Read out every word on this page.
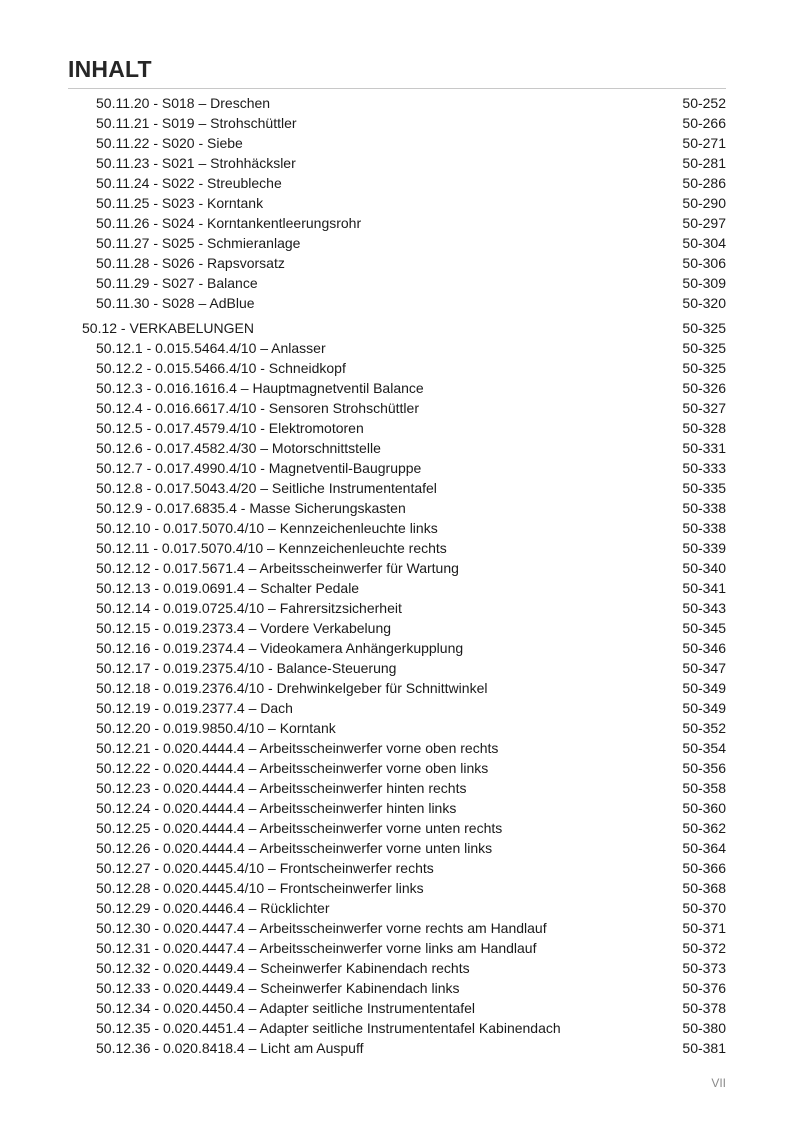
INHALT
50.11.20 - S018 – Dreschen	50-252
50.11.21 - S019 – Strohschüttler	50-266
50.11.22 - S020 - Siebe	50-271
50.11.23 - S021 – Strohhäcksler	50-281
50.11.24 - S022 - Streubleche	50-286
50.11.25 - S023 - Korntank	50-290
50.11.26 - S024 - Korntankentleerungsrohr	50-297
50.11.27 - S025 - Schmieranlage	50-304
50.11.28 - S026 - Rapsvorsatz	50-306
50.11.29 - S027 - Balance	50-309
50.11.30 - S028 – AdBlue	50-320
50.12 - VERKABELUNGEN	50-325
50.12.1 - 0.015.5464.4/10 – Anlasser	50-325
50.12.2 - 0.015.5466.4/10 - Schneidkopf	50-325
50.12.3 - 0.016.1616.4 – Hauptmagnetventil Balance	50-326
50.12.4 - 0.016.6617.4/10 - Sensoren Strohschüttler	50-327
50.12.5 - 0.017.4579.4/10 - Elektromotoren	50-328
50.12.6 - 0.017.4582.4/30 – Motorschnittstelle	50-331
50.12.7 - 0.017.4990.4/10 - Magnetventil-Baugruppe	50-333
50.12.8 - 0.017.5043.4/20 – Seitliche Instrumententafel	50-335
50.12.9 - 0.017.6835.4 - Masse Sicherungskasten	50-338
50.12.10 - 0.017.5070.4/10 – Kennzeichenleuchte links	50-338
50.12.11 - 0.017.5070.4/10 – Kennzeichenleuchte rechts	50-339
50.12.12 - 0.017.5671.4 – Arbeitsscheinwerfer für Wartung	50-340
50.12.13 - 0.019.0691.4 – Schalter Pedale	50-341
50.12.14 - 0.019.0725.4/10 – Fahrersitzsicherheit	50-343
50.12.15 - 0.019.2373.4 – Vordere Verkabelung	50-345
50.12.16 - 0.019.2374.4 – Videokamera Anhängerkupplung	50-346
50.12.17 - 0.019.2375.4/10 - Balance-Steuerung	50-347
50.12.18 - 0.019.2376.4/10 - Drehwinkelgeber für Schnittwinkel	50-349
50.12.19 - 0.019.2377.4 – Dach	50-349
50.12.20 - 0.019.9850.4/10 – Korntank	50-352
50.12.21 - 0.020.4444.4 – Arbeitsscheinwerfer vorne oben rechts	50-354
50.12.22 - 0.020.4444.4 – Arbeitsscheinwerfer vorne oben links	50-356
50.12.23 - 0.020.4444.4 – Arbeitsscheinwerfer hinten rechts	50-358
50.12.24 - 0.020.4444.4 – Arbeitsscheinwerfer hinten links	50-360
50.12.25 - 0.020.4444.4 – Arbeitsscheinwerfer vorne unten rechts	50-362
50.12.26 - 0.020.4444.4 – Arbeitsscheinwerfer vorne unten links	50-364
50.12.27 - 0.020.4445.4/10 – Frontscheinwerfer rechts	50-366
50.12.28 - 0.020.4445.4/10 – Frontscheinwerfer links	50-368
50.12.29 - 0.020.4446.4 – Rücklichter	50-370
50.12.30 - 0.020.4447.4 – Arbeitsscheinwerfer vorne rechts am Handlauf	50-371
50.12.31 - 0.020.4447.4 – Arbeitsscheinwerfer vorne links am Handlauf	50-372
50.12.32 - 0.020.4449.4 – Scheinwerfer Kabinendach rechts	50-373
50.12.33 - 0.020.4449.4 – Scheinwerfer Kabinendach links	50-376
50.12.34 - 0.020.4450.4 – Adapter seitliche Instrumententafel	50-378
50.12.35 - 0.020.4451.4 – Adapter seitliche Instrumententafel Kabinendach	50-380
50.12.36 - 0.020.8418.4 – Licht am Auspuff	50-381
VII
